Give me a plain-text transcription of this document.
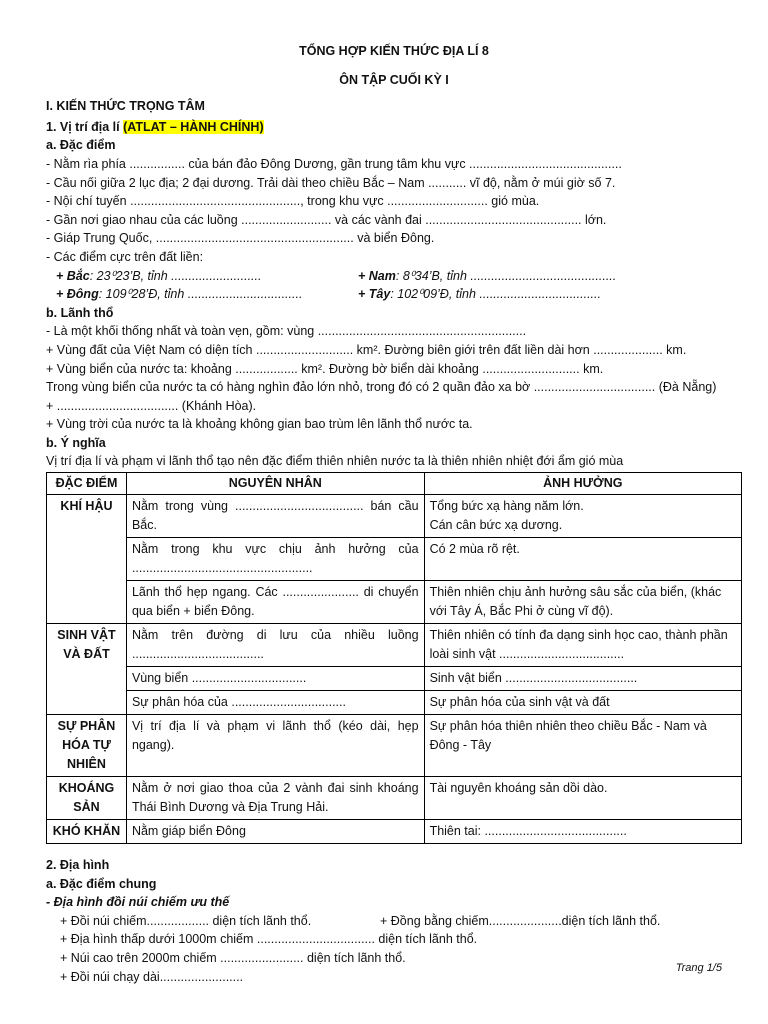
TỔNG HỢP KIẾN THỨC ĐỊA LÍ 8
ÔN TẬP CUỐI KỲ I
I. KIẾN THỨC TRỌNG TÂM
1. Vị trí địa lí (ATLAT – HÀNH CHÍNH)
a. Đặc điểm
- Nằm rìa phía ................ của bán đảo Đông Dương, gần trung tâm khu vực ............................................
- Cầu nối giữa 2 lục địa; 2 đại dương. Trải dài theo chiều Bắc – Nam ........... vĩ độ, nằm ở múi giờ số 7.
- Nội chí tuyến ................................................., trong khu vực ............................. gió mùa.
- Gần nơi giao nhau của các luồng .......................... và các vành đai ............................................. lớn.
- Giáp Trung Quốc, ......................................................... và biển Đông.
- Các điểm cực trên đất liền:
+ Bắc: 23⁰23’B, tỉnh ..........................	+ Nam: 8⁰34’B, tỉnh ..........................................
+ Đông: 109⁰28’Đ, tỉnh .................................	+ Tây: 102⁰09’Đ, tỉnh ...................................
b. Lãnh thổ
- Là một khối thống nhất và toàn vẹn, gồm: vùng ............................................................
+ Vùng đất của Việt Nam có diện tích ............................ km². Đường biên giới trên đất liền dài hơn .................... km.
+ Vùng biển của nước ta: khoảng .................. km². Đường bờ biển dài khoảng ............................ km.
Trong vùng biển của nước ta có hàng nghìn đảo lớn nhỏ, trong đó có 2 quần đảo xa bờ ................................... (Đà Nẵng)
+ ................................... (Khánh Hòa).
+ Vùng trời của nước ta là khoảng không gian bao trùm lên lãnh thổ nước ta.
b. Ý nghĩa
Vị trí địa lí và phạm vi lãnh thổ tạo nên đặc điểm thiên nhiên nước ta là thiên nhiên nhiệt đới ẩm gió mùa
ĐẶC ĐIỂM	NGUYÊN NHÂN	ẢNH HƯỞNG
KHÍ HẬU	Nằm trong vùng ..................................... bán cầu Bắc.	Tổng bức xạ hàng năm lớn.
Cán cân bức xạ dương.
	Nằm trong khu vực chịu ảnh hưởng của ....................................................	Có 2 mùa rõ rệt.
	Lãnh thổ hẹp ngang. Các ...................... di chuyển qua biển + biển Đông.	Thiên nhiên chịu ảnh hưởng sâu sắc của biển, (khác với Tây Á, Bắc Phi ở cùng vĩ độ).
SINH VẬT VÀ ĐẤT	Nằm trên đường di lưu của nhiều luồng ......................................	Thiên nhiên có tính đa dạng sinh học cao, thành phần loài sinh vật ....................................
	Vùng biển .................................	Sinh vật biển ......................................
	Sự phân hóa của .................................	Sự phân hóa của sinh vật và đất
SỰ PHÂN HÓA TỰ NHIÊN	Vị trí địa lí và phạm vi lãnh thổ (kéo dài, hẹp ngang).	Sự phân hóa thiên nhiên theo chiều Bắc - Nam và Đông - Tây
KHOÁNG SẢN	Nằm ở nơi giao thoa của 2 vành đai sinh khoáng Thái Bình Dương và Địa Trung Hải.	Tài nguyên khoáng sản dồi dào.
KHÓ KHĂN	Nằm giáp biển Đông	Thiên tai: .........................................
2. Địa hình
a. Đặc điểm chung
- Địa hình đồi núi chiếm ưu thế
+ Đồi núi chiếm.................. diện tích lãnh thổ.	+ Đồng bằng chiếm.....................diện tích lãnh thổ.
+ Địa hình thấp dưới 1000m chiếm .................................. diện tích lãnh thổ.
+ Núi cao trên 2000m chiếm ........................ diện tích lãnh thổ.
+ Đồi núi chạy dài........................
Trang 1/5
